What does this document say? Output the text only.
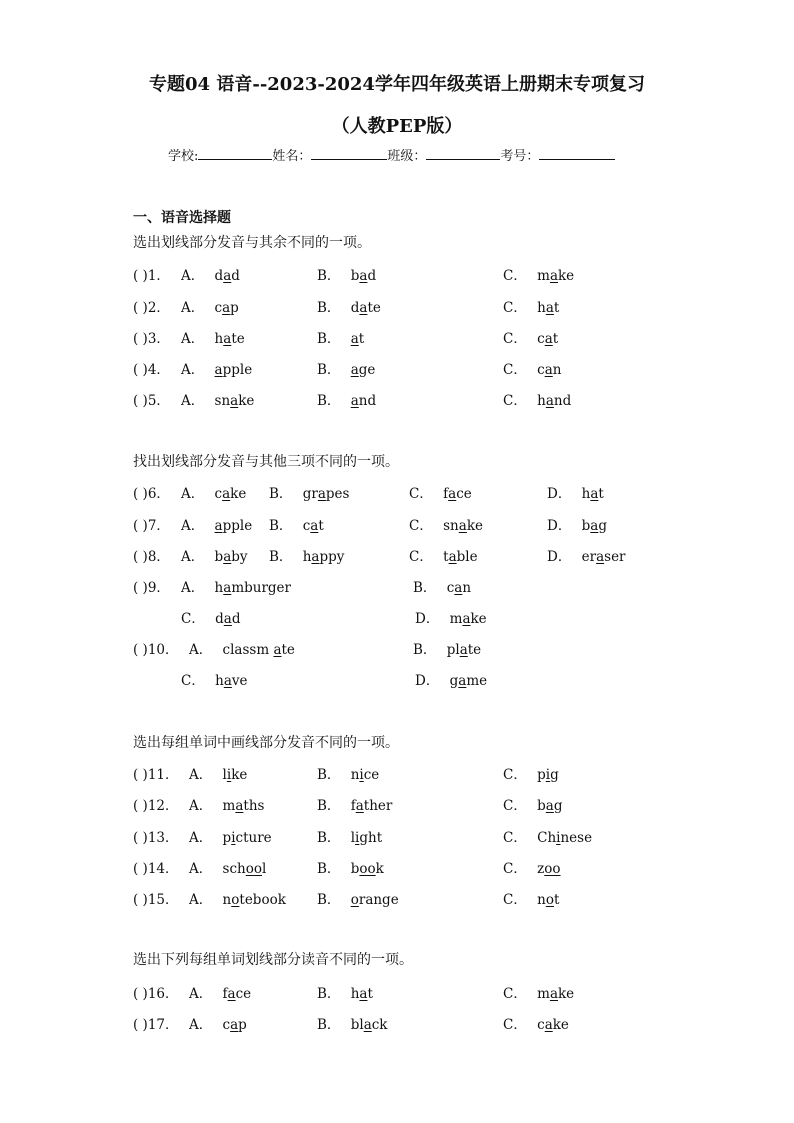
专题04 语音--2023-2024学年四年级英语上册期末专项复习
（人教PEP版）
学校:	姓名：	班级：	考号：
一、语音选择题
选出划线部分发音与其余不同的一项。
( )1． A． dad	B． bad	C． make
( )2． A． cap	B． date	C． hat
( )3． A． hate	B． at	C． cat
( )4． A． apple	B． age	C． can
( )5． A． snake	B． and	C． hand
找出划线部分发音与其他三项不同的一项。
( )6． A． cake B． grapes	C． face	D． hat
( )7． A． apple B． cat	C． snake	D． bag
( )8． A． baby B． happy	C． table	D． eraser
( )9． A． hamburger	B． can
C． dad	D． make
( )10． A． classm ate	B． plate
C． have	D． game
选出每组单词中画线部分发音不同的一项。
( )11． A． like	B． nice	C． pig
( )12． A． maths	B． father	C． bag
( )13． A． picture	B． light	C． Chinese
( )14． A． school	B． book	C． zoo
( )15． A． notebook B． orange	C． not
选出下列每组单词划线部分读音不同的一项。
( )16． A． face	B． hat	C． make
( )17． A． cap	B． black	C． cake
